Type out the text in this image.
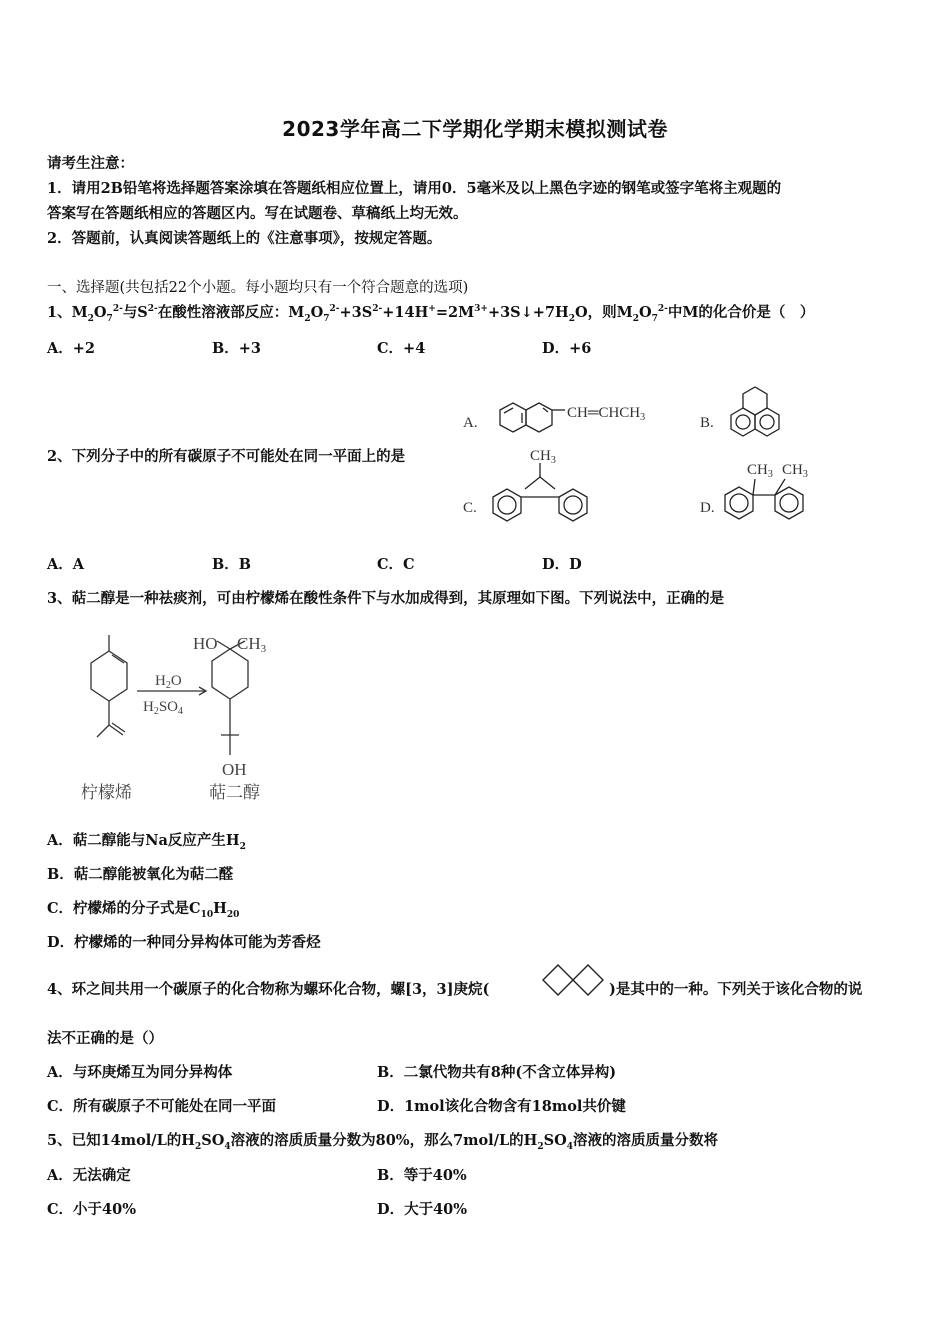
2023学年高二下学期化学期末模拟测试卷
请考生注意：
1．请用2B铅笔将选择题答案涂填在答题纸相应位置上，请用0．5毫米及以上黑色字迹的钢笔或签字笔将主观题的
答案写在答题纸相应的答题区内。写在试题卷、草稿纸上均无效。
2．答题前，认真阅读答题纸上的《注意事项》，按规定答题。
一、选择题(共包括22个小题。每小题均只有一个符合题意的选项)
1、$M_2O_7^{2-}$与$S^{2-}$在酸性溶液部反应：$M_2O_7^{2-}+3S^{2-}+14H^+=2M^{3+}+3S↓+7H_2O$，则$M_2O_7^{2-}$中M的化合价是（　）
A．+2	B．+3	C．+4	D．+6
2、下列分子中的所有碳原子不可能处在同一平面上的是
A.	B.
C.	D.
$CH═CHCH_3$
$CH_3$
$CH_3$ $CH_3$
A．A	B．B	C．C	D．D
3、萜二醇是一种祛痰剂，可由柠檬烯在酸性条件下与水加成得到，其原理如下图。下列说法中，正确的是
HO CH3
$H_2O$
$H_2SO_4$
OH
柠檬烯	萜二醇
A．萜二醇能与Na反应产生$H_2$
B．萜二醇能被氧化为萜二醛
C．柠檬烯的分子式是$C_{10}H_{20}$
D．柠檬烯的一种同分异构体可能为芳香烃
4、环之间共用一个碳原子的化合物称为螺环化合物，螺[3，3]庚烷(	)是其中的一种。下列关于该化合物的说
法不正确的是（）
A．与环庚烯互为同分异构体	B．二氯代物共有8种(不含立体异构)
C．所有碳原子不可能处在同一平面	D．1mol该化合物含有18mol共价键
5、已知14mol/L的$H_2SO_4$溶液的溶质质量分数为80%，那么7mol/L的$H_2SO_4$溶液的溶质质量分数将
A．无法确定	B．等于40%
C．小于40%	D．大于40%
